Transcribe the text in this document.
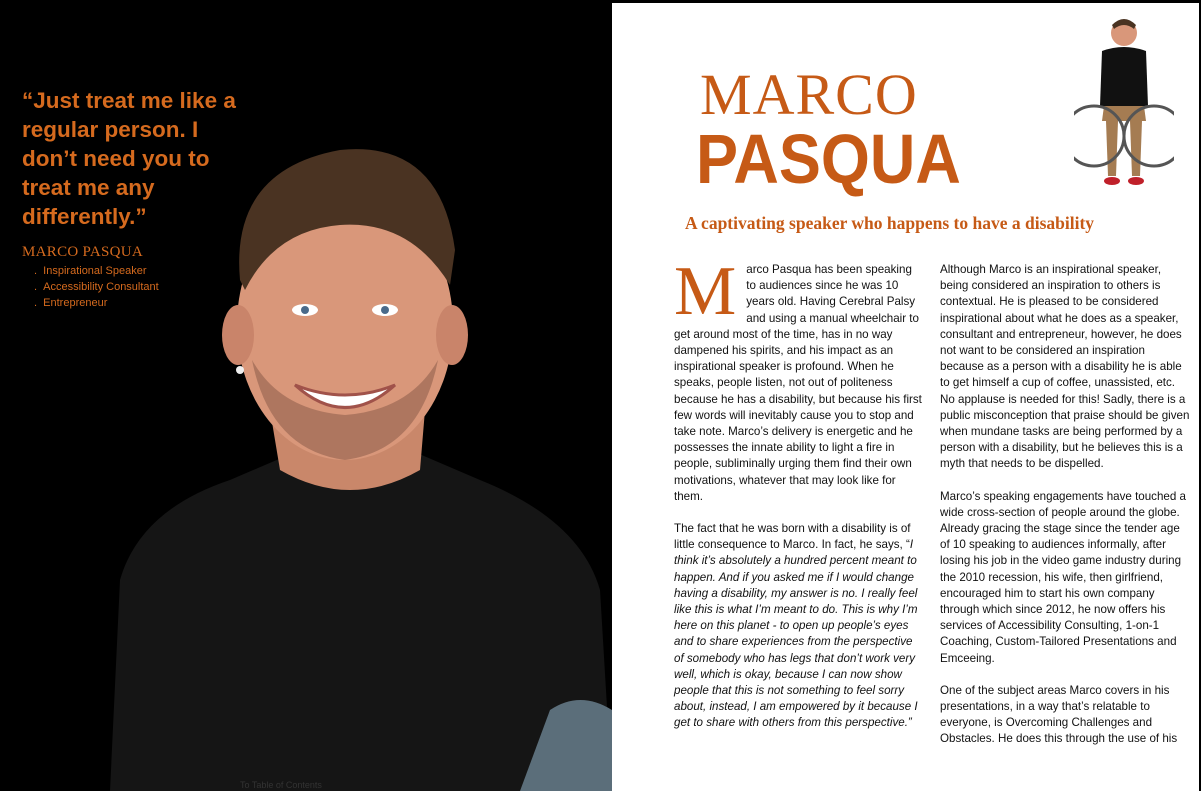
“Just treat me like a regular person. I don’t need you to treat me any differently.”
MARCO PASQUA
.  Inspirational Speaker
.  Accessibility Consultant
.  Entrepreneur
To Table of Contents
MARCO
PASQUA
A captivating speaker who happens to have a disability

Marco Pasqua has been speaking to audiences since he was 10 years old. Having Cerebral Palsy and using a manual wheelchair to get around most of the time, has in no way dampened his spirits, and his impact as an inspirational speaker is profound. When he speaks, people listen, not out of politeness because he has a disability, but because his first few words will inevitably cause you to stop and take note. Marco’s delivery is energetic and he possesses the innate ability to light a fire in people, subliminally urging them find their own motivations, whatever that may look like for them.

The fact that he was born with a disability is of little consequence to Marco. In fact, he says, “I think it’s absolutely a hundred percent meant to happen. And if you asked me if I would change having a disability, my answer is no. I really feel like this is what I’m meant to do. This is why I’m here on this planet - to open up people’s eyes and to share experiences from the perspective of somebody who has legs that don’t work very well, which is okay, because I can now show people that this is not something to feel sorry about, instead, I am empowered by it because I get to share with others from this perspective.”

Although Marco is an inspirational speaker, being considered an inspiration to others is contextual. He is pleased to be considered inspirational about what he does as a speaker, consultant and entrepreneur, however, he does not want to be considered an inspiration because as a person with a disability he is able to get himself a cup of coffee, unassisted, etc. No applause is needed for this! Sadly, there is a public misconception that praise should be given when mundane tasks are being performed by a person with a disability, but he believes this is a myth that needs to be dispelled.

Marco’s speaking engagements have touched a wide cross-section of people around the globe. Already gracing the stage since the tender age of 10 speaking to audiences informally, after losing his job in the video game industry during the 2010 recession, his wife, then girlfriend, encouraged him to start his own company through which since 2012, he now offers his services of Accessibility Consulting, 1-on-1 Coaching, Custom-Tailored Presentations and Emceeing.

One of the subject areas Marco covers in his presentations, in a way that’s relatable to everyone, is Overcoming Challenges and Obstacles. He does this through the use of his
